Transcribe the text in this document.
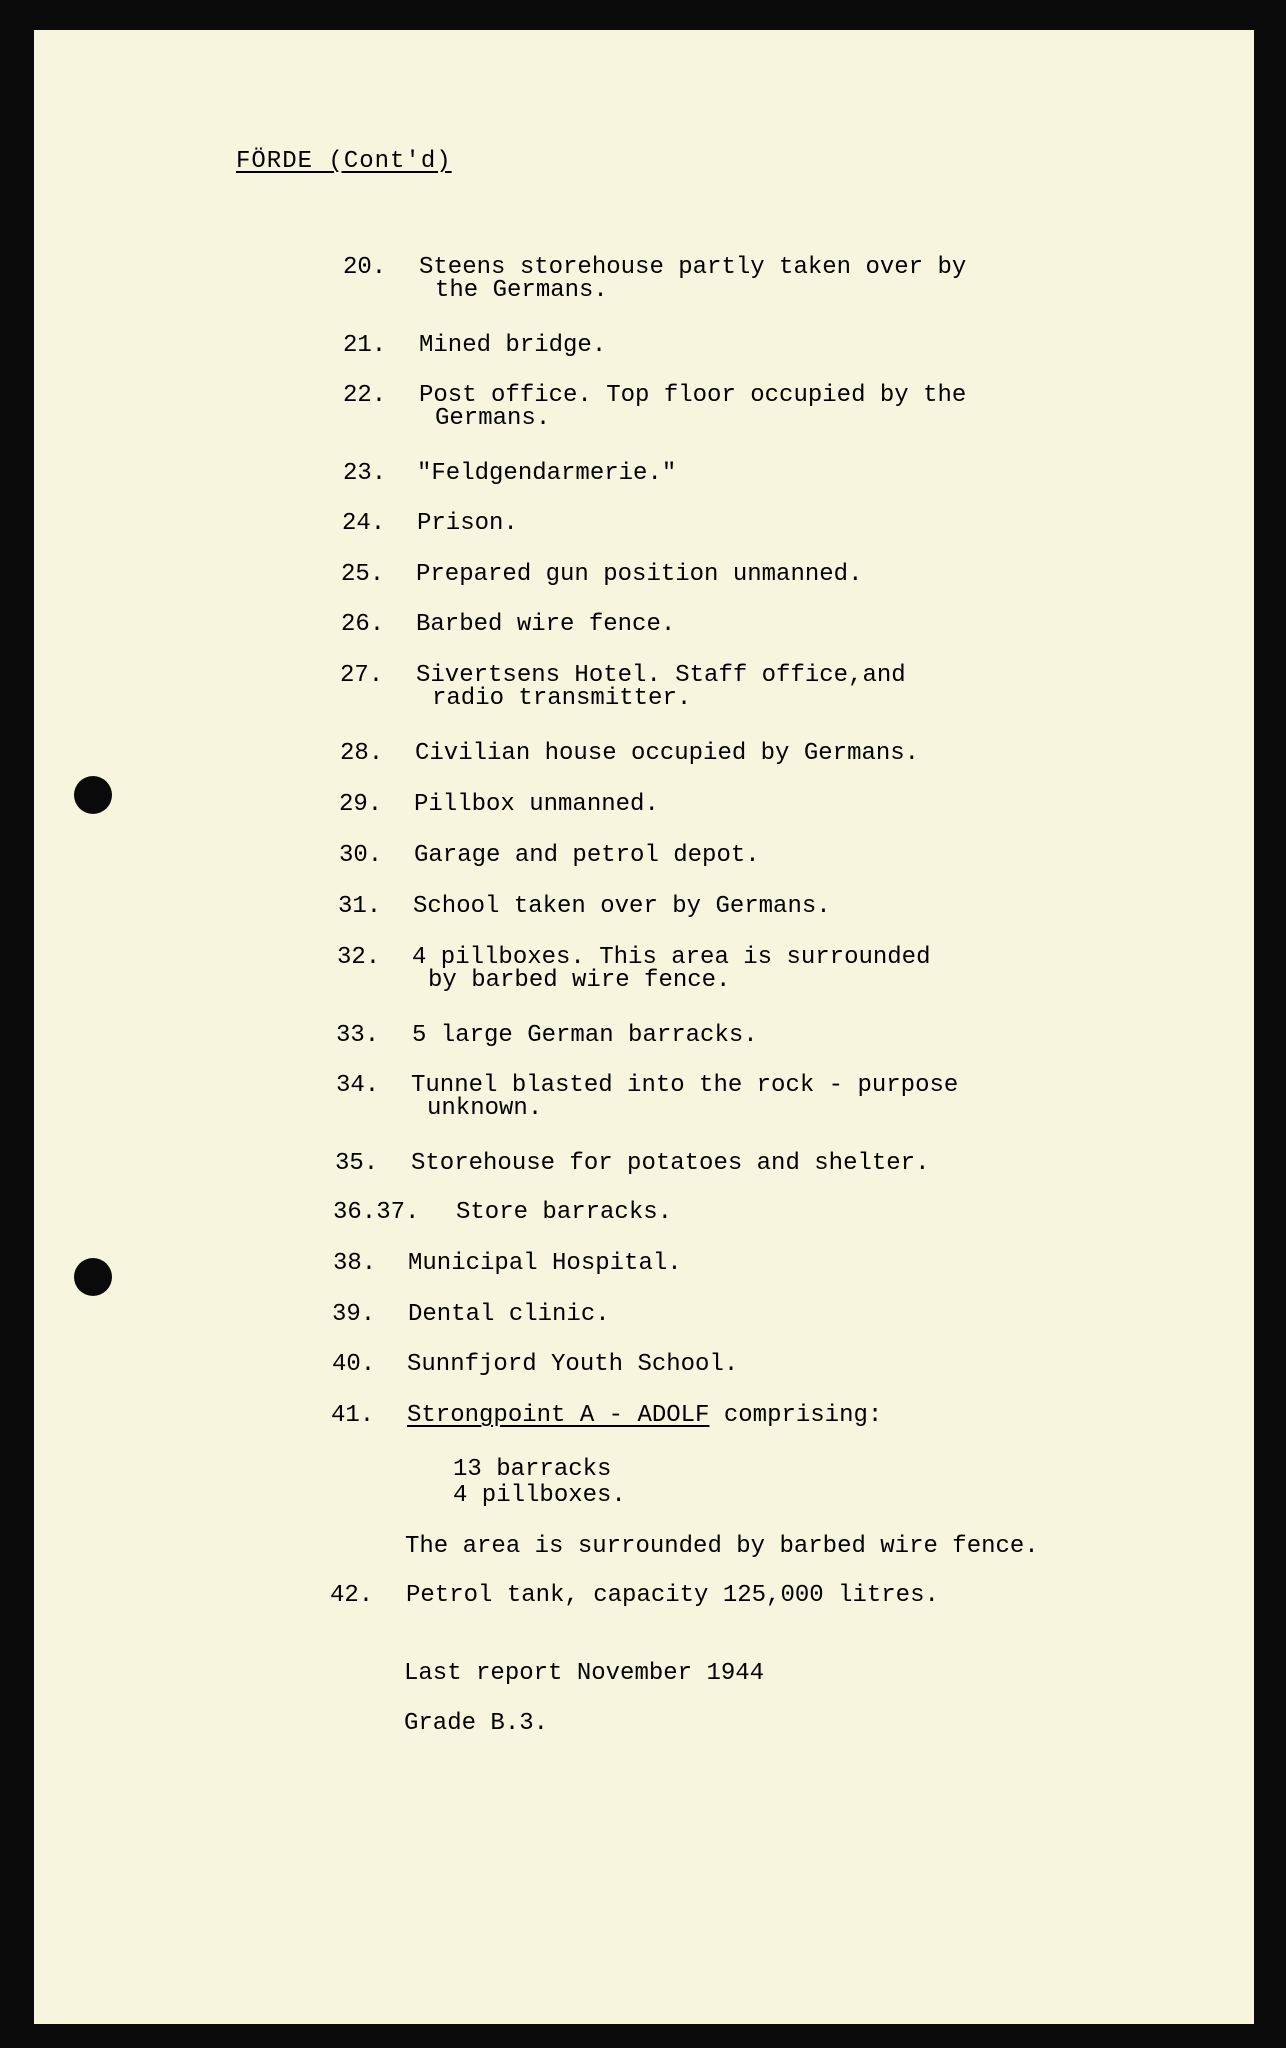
FÖRDE (Cont'd)
20. Steens storehouse partly taken over by
the Germans.
21. Mined bridge.
22. Post office. Top floor occupied by the
Germans.
23. "Feldgendarmerie."
24. Prison.
25. Prepared gun position unmanned.
26. Barbed wire fence.
27. Sivertsens Hotel. Staff office,and
radio transmitter.
28. Civilian house occupied by Germans.
29. Pillbox unmanned.
30. Garage and petrol depot.
31. School taken over by Germans.
32. 4 pillboxes. This area is surrounded
by barbed wire fence.
33. 5 large German barracks.
34. Tunnel blasted into the rock - purpose
unknown.
35. Storehouse for potatoes and shelter.
36.37. Store barracks.
38. Municipal Hospital.
39. Dental clinic.
40. Sunnfjord Youth School.
41. Strongpoint A - ADOLF comprising:
13 barracks
4 pillboxes.
The area is surrounded by barbed wire fence.
42. Petrol tank, capacity 125,000 litres.
Last report November 1944
Grade B.3.
